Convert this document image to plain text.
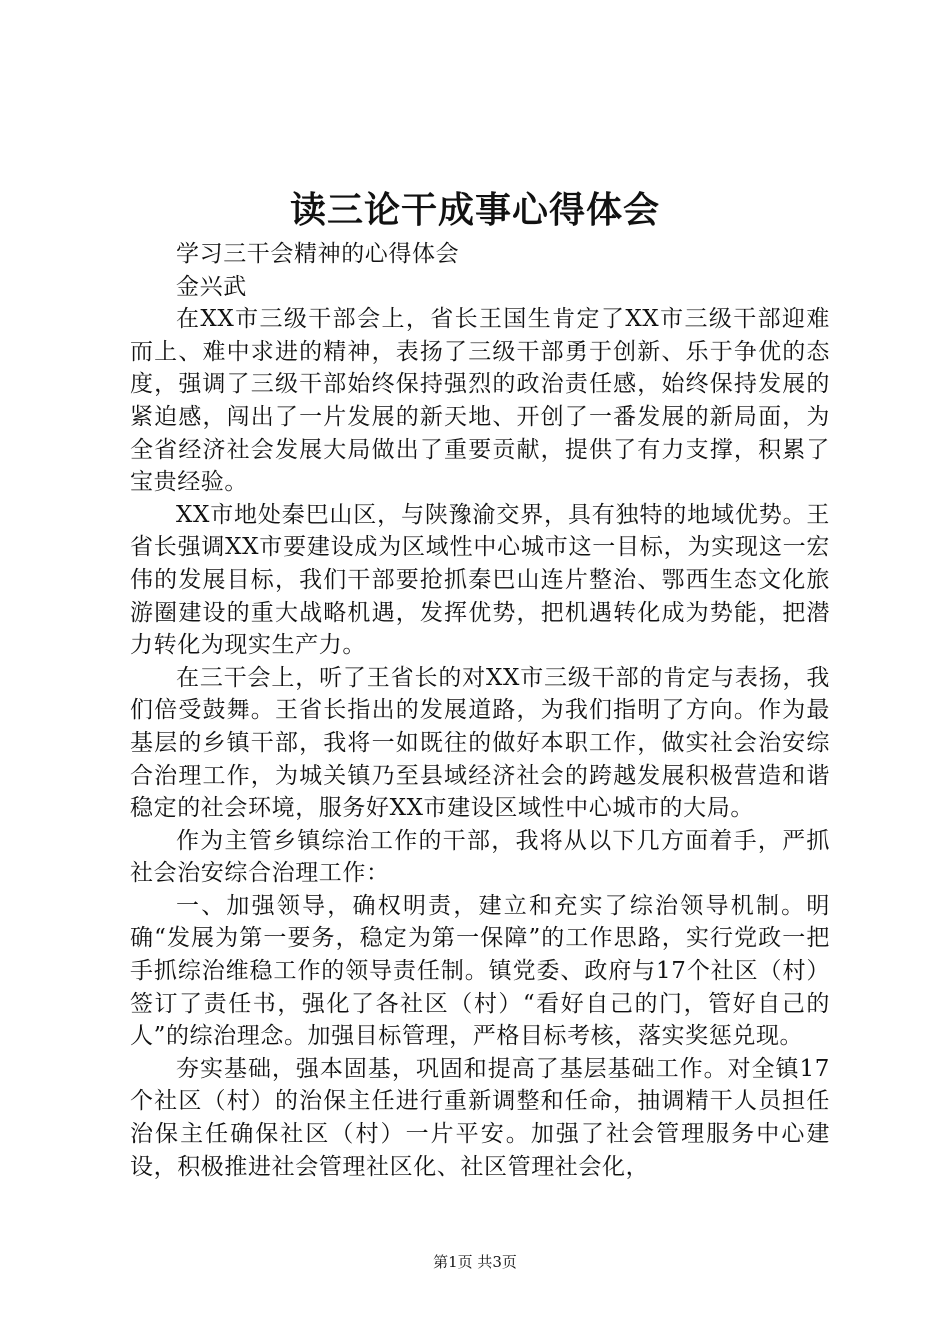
读三论干成事心得体会

学习三干会精神的心得体会

金兴武

在XX市三级干部会上，省长王国生肯定了XX市三级干部迎难而上、难中求进的精神，表扬了三级干部勇于创新、乐于争优的态度，强调了三级干部始终保持强烈的政治责任感，始终保持发展的紧迫感，闯出了一片发展的新天地、开创了一番发展的新局面，为全省经济社会发展大局做出了重要贡献，提供了有力支撑，积累了宝贵经验。

XX市地处秦巴山区，与陕豫渝交界，具有独特的地域优势。王省长强调XX市要建设成为区域性中心城市这一目标，为实现这一宏伟的发展目标，我们干部要抢抓秦巴山连片整治、鄂西生态文化旅游圈建设的重大战略机遇，发挥优势，把机遇转化成为势能，把潜力转化为现实生产力。

在三干会上，听了王省长的对XX市三级干部的肯定与表扬，我们倍受鼓舞。王省长指出的发展道路，为我们指明了方向。作为最基层的乡镇干部，我将一如既往的做好本职工作，做实社会治安综合治理工作，为城关镇乃至县域经济社会的跨越发展积极营造和谐稳定的社会环境，服务好XX市建设区域性中心城市的大局。

作为主管乡镇综治工作的干部，我将从以下几方面着手，严抓社会治安综合治理工作：

一、加强领导，确权明责，建立和充实了综治领导机制。明确“发展为第一要务，稳定为第一保障”的工作思路，实行党政一把手抓综治维稳工作的领导责任制。镇党委、政府与17个社区（村）签订了责任书，强化了各社区（村）“看好自己的门，管好自己的人”的综治理念。加强目标管理，严格目标考核，落实奖惩兑现。

夯实基础，强本固基，巩固和提高了基层基础工作。对全镇17个社区（村）的治保主任进行重新调整和任命，抽调精干人员担任治保主任确保社区（村）一片平安。加强了社会管理服务中心建设，积极推进社会管理社区化、社区管理社会化，

第1页 共3页
